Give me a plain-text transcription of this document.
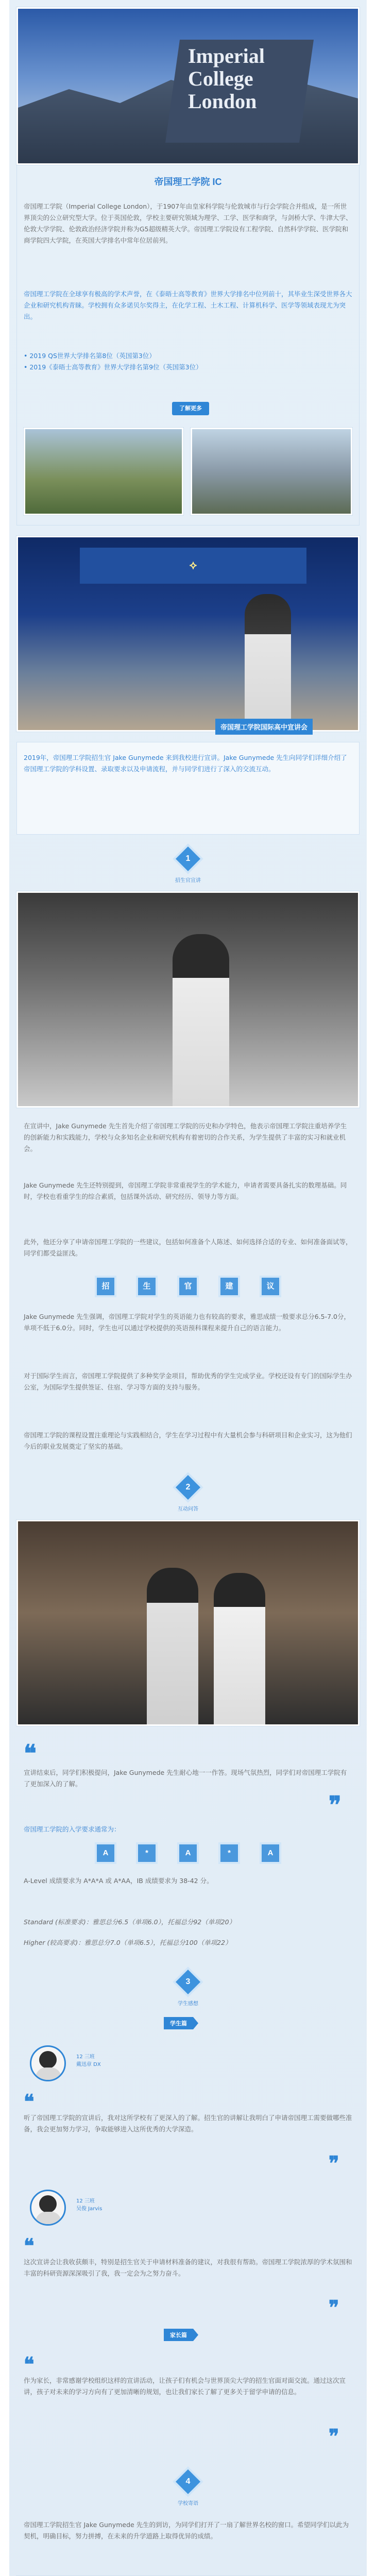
Imperial College
London
帝国理工学院 IC
帝国理工学院（Imperial College London），于1907年由皇家科学院与伦敦城市与行会学院合并组成，是一所世界顶尖的公立研究型大学。位于英国伦敦，学校主要研究领域为理学、工学、医学和商学，与剑桥大学、牛津大学、伦敦大学学院、伦敦政治经济学院并称为G5超级精英大学。帝国理工学院设有工程学院、自然科学学院、医学院和商学院四大学院，在英国大学排名中常年位居前列。
帝国理工学院在全球享有极高的学术声誉，在《泰晤士高等教育》世界大学排名中位列前十，其毕业生深受世界各大企业和研究机构青睐。学校拥有众多诺贝尔奖得主，在化学工程、土木工程、计算机科学、医学等领域表现尤为突出。
• 2019 QS世界大学排名第8位（英国第3位）
• 2019《泰晤士高等教育》世界大学排名第9位（英国第3位）
了解更多
⟡
帝国理工学院国际高中宣讲会
2019年，帝国理工学院招生官 Jake Gunymede 来到我校进行宣讲。Jake Gunymede 先生向同学们详细介绍了帝国理工学院的学科设置、录取要求以及申请流程，并与同学们进行了深入的交流互动。
1
招生官宣讲
在宣讲中，Jake Gunymede 先生首先介绍了帝国理工学院的历史和办学特色，他表示帝国理工学院注重培养学生的创新能力和实践能力，学校与众多知名企业和研究机构有着密切的合作关系，为学生提供了丰富的实习和就业机会。
Jake Gunymede 先生还特别提到，帝国理工学院非常重视学生的学术能力，申请者需要具备扎实的数理基础。同时，学校也看重学生的综合素质，包括课外活动、研究经历、领导力等方面。
此外，他还分享了申请帝国理工学院的一些建议，包括如何准备个人陈述、如何选择合适的专业、如何准备面试等，同学们都受益匪浅。
招	生	官	建	议
Jake Gunymede 先生强调，帝国理工学院对学生的英语能力也有较高的要求，雅思成绩一般要求总分6.5-7.0分，单项不低于6.0分。同时，学生也可以通过学校提供的英语预科课程来提升自己的语言能力。
对于国际学生而言，帝国理工学院提供了多种奖学金项目，帮助优秀的学生完成学业。学校还设有专门的国际学生办公室，为国际学生提供签证、住宿、学习等方面的支持与服务。
帝国理工学院的课程设置注重理论与实践相结合，学生在学习过程中有大量机会参与科研项目和企业实习，这为他们今后的职业发展奠定了坚实的基础。
2
互动问答
❝
宣讲结束后，同学们积极提问，Jake Gunymede 先生耐心地一一作答。现场气氛热烈，同学们对帝国理工学院有了更加深入的了解。
❞
帝国理工学院的入学要求通常为：
A	*	A	*	A
A-Level 成绩要求为 A*A*A 或 A*AA，IB 成绩要求为 38-42 分。
Standard (标准要求)：雅思总分6.5（单项6.0），托福总分92（单项20）
Higher (较高要求)：雅思总分7.0（单项6.5），托福总分100（单项22）
3
学生感想
学生篇
12 三班
戴迅章 DX
❝
听了帝国理工学院的宣讲后，我对这所学校有了更深入的了解。招生官的讲解让我明白了申请帝国理工需要做哪些准备，我会更加努力学习，争取能够进入这所优秀的大学深造。
❞
12 三班
吴俊 Jarvis
❝
这次宣讲会让我收获颇丰，特别是招生官关于申请材料准备的建议，对我很有帮助。帝国理工学院浓厚的学术氛围和丰富的科研资源深深吸引了我，我一定会为之努力奋斗。
❞
家长篇
❝
作为家长，非常感谢学校组织这样的宣讲活动，让孩子们有机会与世界顶尖大学的招生官面对面交流。通过这次宣讲，孩子对未来的学习方向有了更加清晰的规划，也让我们家长了解了更多关于留学申请的信息。
❞
4
学校寄语
帝国理工学院招生官 Jake Gunymede 先生的到访，为同学们打开了一扇了解世界名校的窗口。希望同学们以此为契机，明确目标，努力拼搏，在未来的升学道路上取得优异的成绩。
